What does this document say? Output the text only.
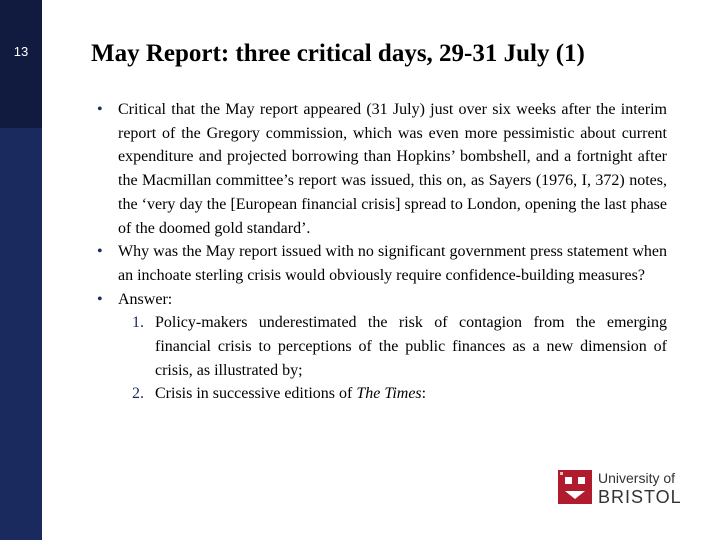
13	May Report: three critical days, 29-31 July (1)
• Critical that the May report appeared (31 July) just over six weeks after the interim report of the Gregory commission, which was even more pessimistic about current expenditure and projected borrowing than Hopkins’ bombshell, and a fortnight after the Macmillan committee’s report was issued, this on, as Sayers (1976, I, 372) notes, the ‘very day the [European financial crisis] spread to London, opening the last phase of the doomed gold standard’.
• Why was the May report issued with no significant government press statement when an inchoate sterling crisis would obviously require confidence-building measures?
• Answer:
1. Policy-makers underestimated the risk of contagion from the emerging financial crisis to perceptions of the public finances as a new dimension of crisis, as illustrated by;
2. Crisis in successive editions of The Times:
University of
BRISTOL
